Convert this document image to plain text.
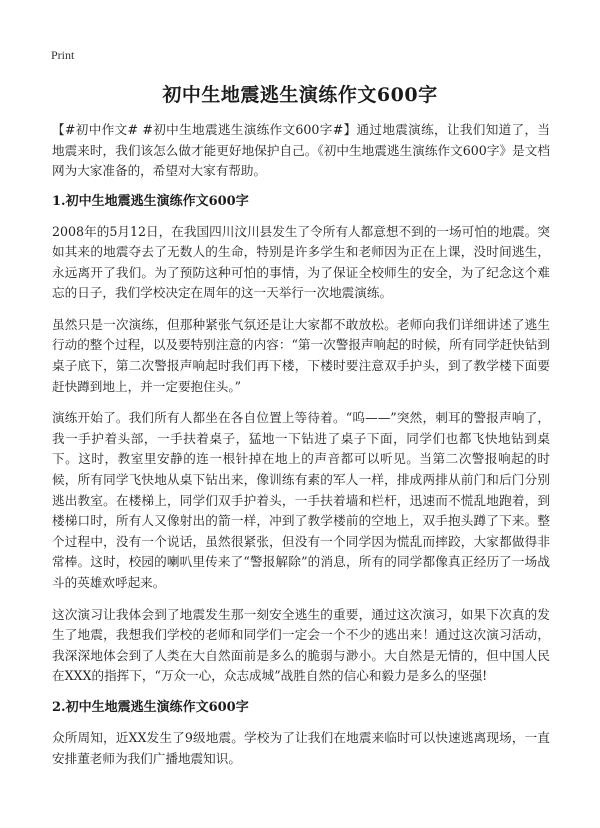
Print
初中生地震逃生演练作文600字

【#初中作文# #初中生地震逃生演练作文600字#】通过地震演练，让我们知道了，当地震来时，我们该怎么做才能更好地保护自己。《初中生地震逃生演练作文600字》是文档网为大家准备的，希望对大家有帮助。

1.初中生地震逃生演练作文600字

2008年的5月12日，在我国四川汶川县发生了令所有人都意想不到的一场可怕的地震。突如其来的地震夺去了无数人的生命，特别是许多学生和老师因为正在上课，没时间逃生，永远离开了我们。为了预防这种可怕的事情，为了保证全校师生的安全，为了纪念这个难忘的日子，我们学校决定在周年的这一天举行一次地震演练。

虽然只是一次演练，但那种紧张气氛还是让大家都不敢放松。老师向我们详细讲述了逃生行动的整个过程，以及要特别注意的内容：“第一次警报声响起的时候，所有同学赶快钻到桌子底下，第二次警报声响起时我们再下楼，下楼时要注意双手护头，到了教学楼下面要赶快蹲到地上，并一定要抱住头。”

演练开始了。我们所有人都坐在各自位置上等待着。“呜——”突然，刺耳的警报声响了，我一手护着头部，一手扶着桌子，猛地一下钻进了桌子下面，同学们也都飞快地钻到桌下。这时，教室里安静的连一根针掉在地上的声音都可以听见。当第二次警报响起的时候，所有同学飞快地从桌下钻出来，像训练有素的军人一样，排成两排从前门和后门分别逃出教室。在楼梯上，同学们双手护着头，一手扶着墙和栏杆，迅速而不慌乱地跑着，到楼梯口时，所有人又像射出的箭一样，冲到了教学楼前的空地上，双手抱头蹲了下来。整个过程中，没有一个说话，虽然很紧张，但没有一个同学因为慌乱而摔跤，大家都做得非常棒。这时，校园的喇叭里传来了“警报解除”的消息，所有的同学都像真正经历了一场战斗的英雄欢呼起来。

这次演习让我体会到了地震发生那一刻安全逃生的重要，通过这次演习，如果下次真的发生了地震，我想我们学校的老师和同学们一定会一个不少的逃出来！通过这次演习活动，我深深地体会到了人类在大自然面前是多么的脆弱与渺小。大自然是无情的，但中国人民在XXX的指挥下，“万众一心，众志成城”战胜自然的信心和毅力是多么的坚强!

2.初中生地震逃生演练作文600字

众所周知，近XX发生了9级地震。学校为了让我们在地震来临时可以快速逃离现场，一直安排董老师为我们广播地震知识。
